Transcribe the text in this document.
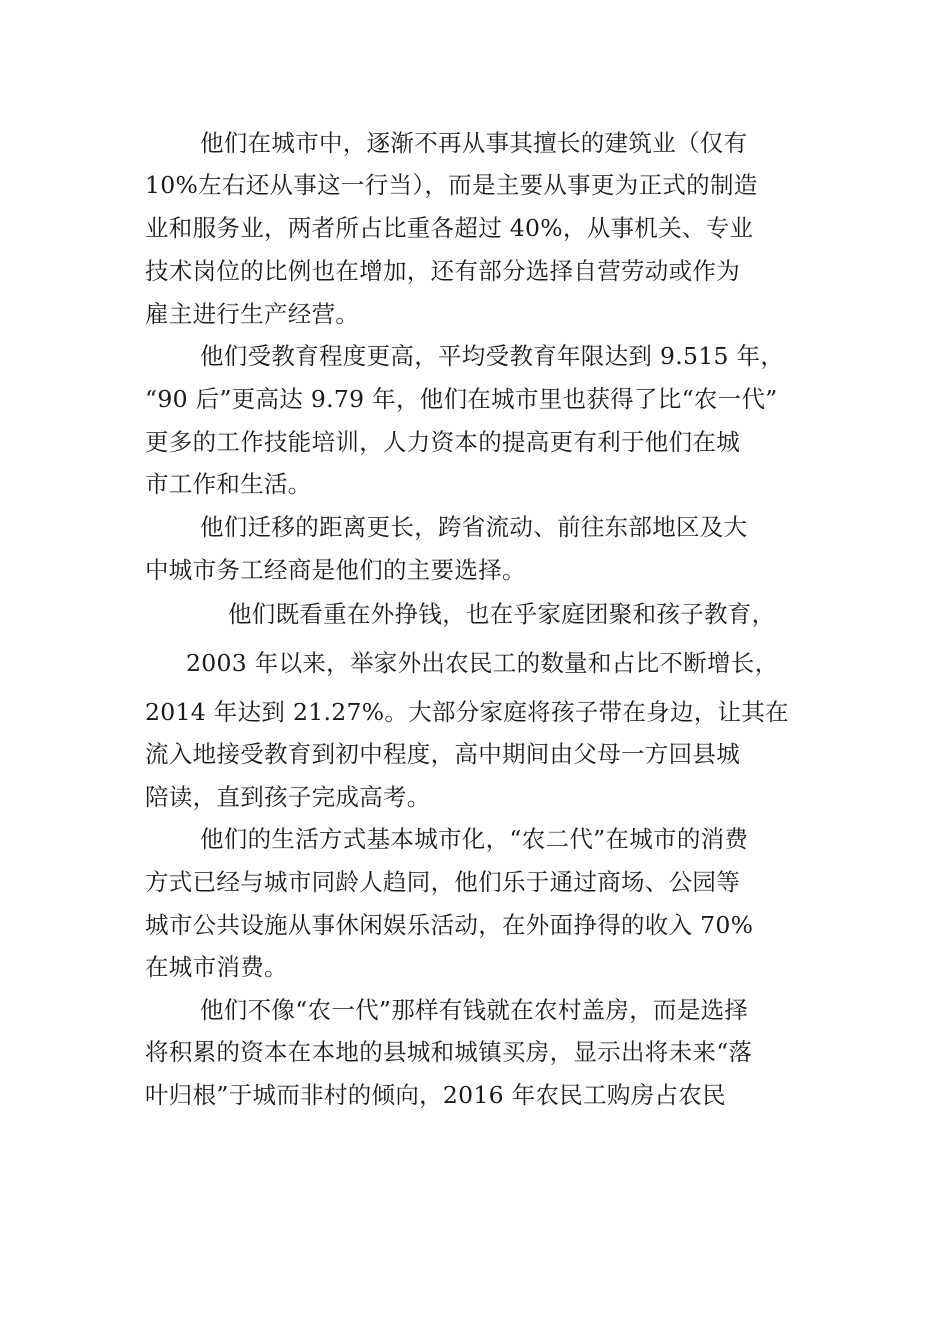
他们在城市中，逐渐不再从事其擅长的建筑业（仅有

10%左右还从事这一行当），而是主要从事更为正式的制造

业和服务业，两者所占比重各超过 40%，从事机关、专业

技术岗位的比例也在增加，还有部分选择自营劳动或作为

雇主进行生产经营。

他们受教育程度更高，平均受教育年限达到 9.515 年，

“90 后”更高达 9.79 年，他们在城市里也获得了比“农一代”

更多的工作技能培训，人力资本的提高更有利于他们在城

市工作和生活。

他们迁移的距离更长，跨省流动、前往东部地区及大

中城市务工经商是他们的主要选择。

他们既看重在外挣钱，也在乎家庭团聚和孩子教育，

2003 年以来，举家外出农民工的数量和占比不断增长，

2014 年达到 21.27%。大部分家庭将孩子带在身边，让其在

流入地接受教育到初中程度，高中期间由父母一方回县城

陪读，直到孩子完成高考。

他们的生活方式基本城市化，“农二代”在城市的消费

方式已经与城市同龄人趋同，他们乐于通过商场、公园等

城市公共设施从事休闲娱乐活动，在外面挣得的收入 70%

在城市消费。

他们不像“农一代”那样有钱就在农村盖房，而是选择

将积累的资本在本地的县城和城镇买房，显示出将未来“落

叶归根”于城而非村的倾向，2016 年农民工购房占农民
